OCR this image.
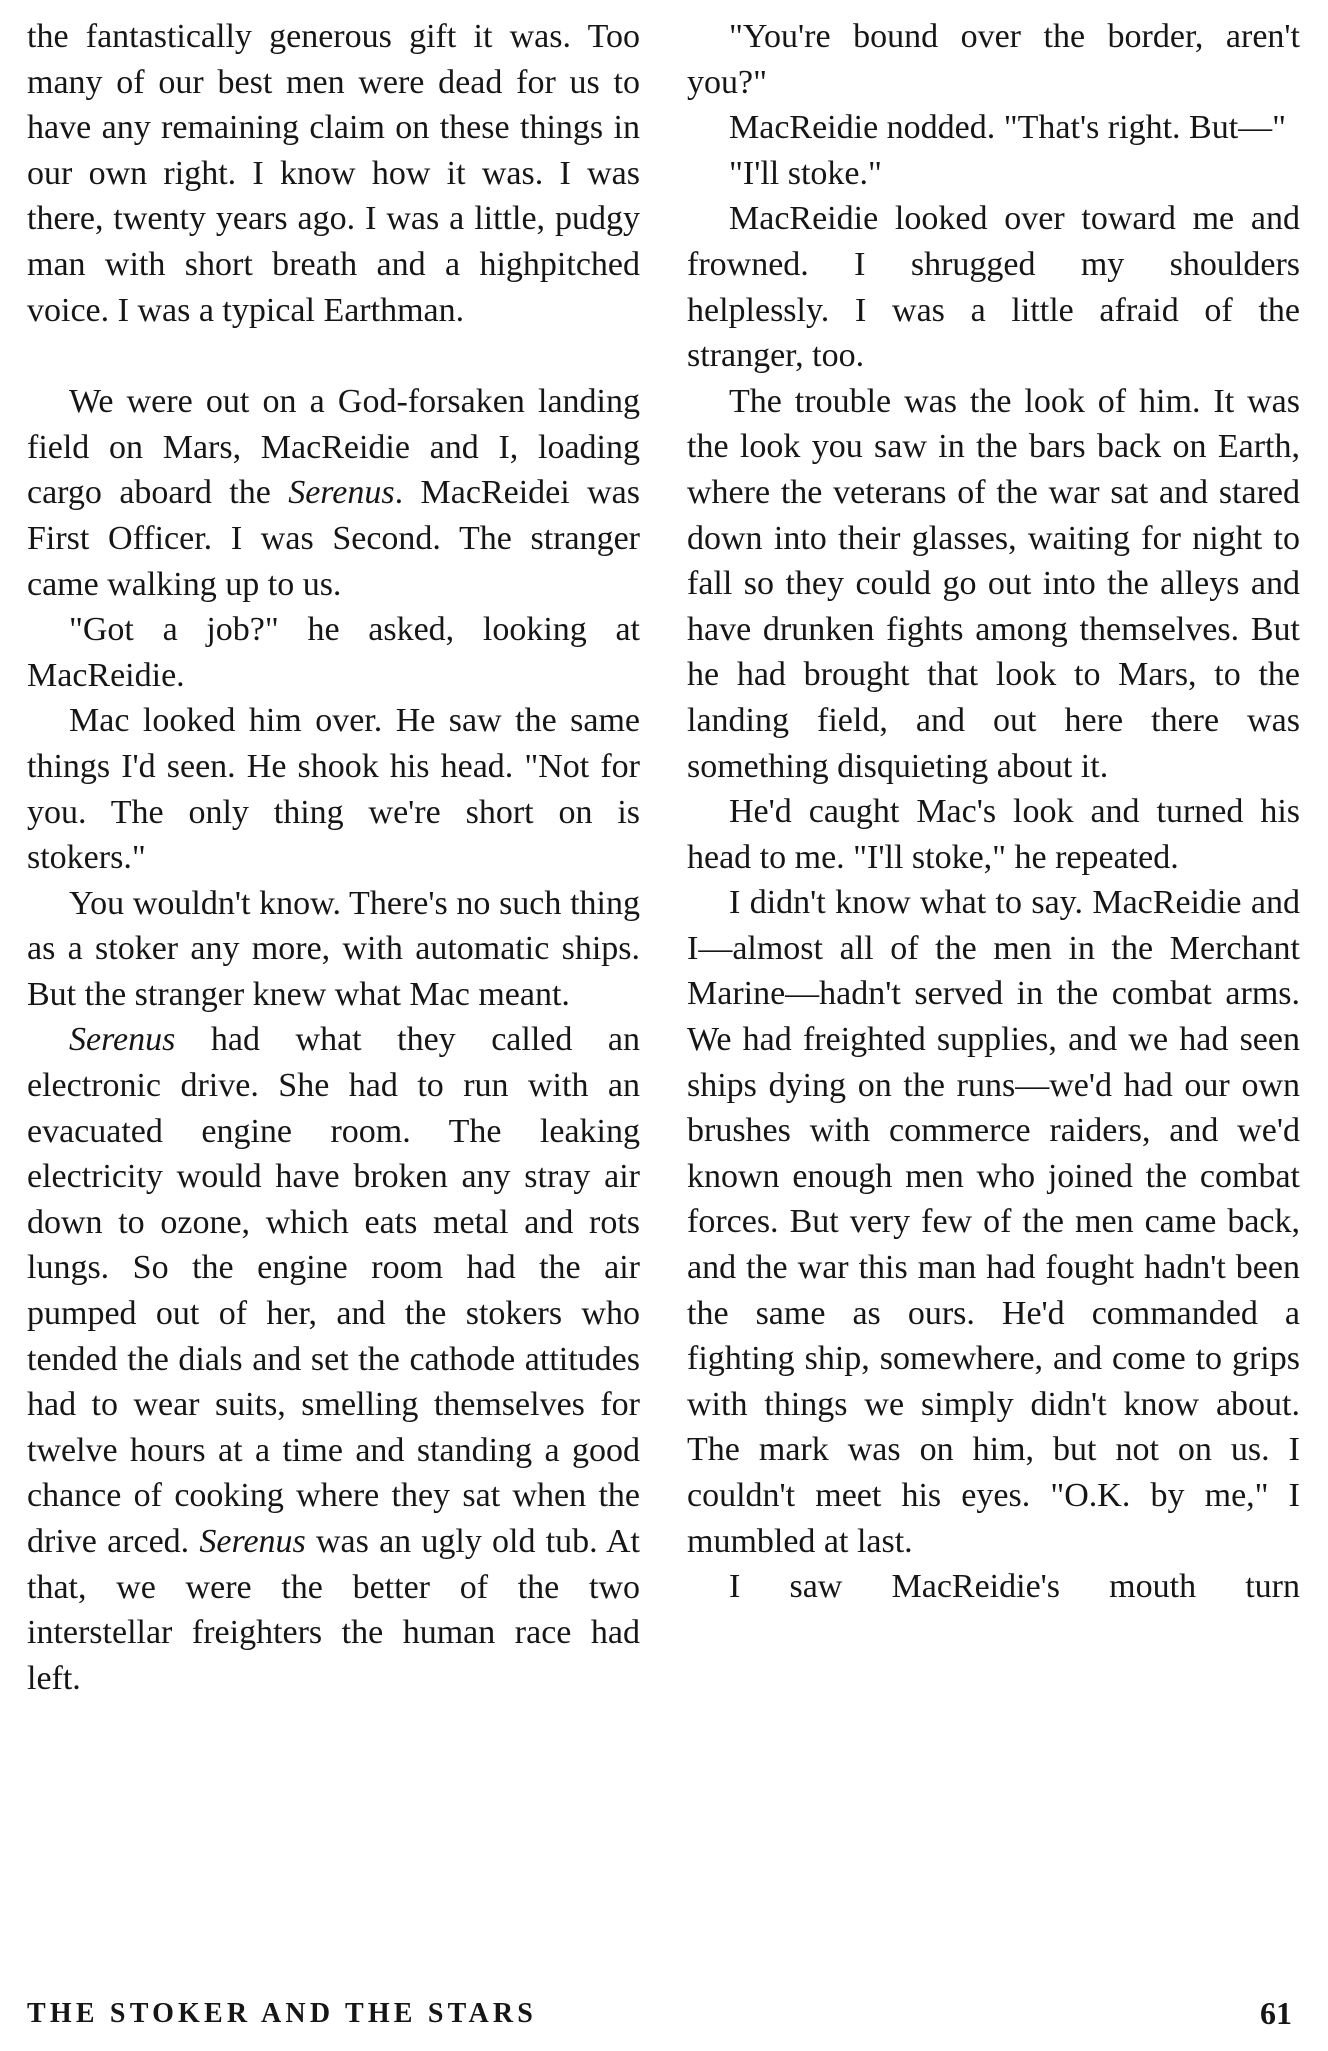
the fantastically generous gift it was. Too many of our best men were dead for us to have any remaining claim on these things in our own right. I know how it was. I was there, twenty years ago. I was a little, pudgy man with short breath and a highpitched voice. I was a typical Earthman.

We were out on a God-forsaken landing field on Mars, MacReidie and I, loading cargo aboard the Serenus. MacReidei was First Officer. I was Second. The stranger came walking up to us.

"Got a job?" he asked, looking at MacReidie.

Mac looked him over. He saw the same things I'd seen. He shook his head. "Not for you. The only thing we're short on is stokers."

You wouldn't know. There's no such thing as a stoker any more, with automatic ships. But the stranger knew what Mac meant.

Serenus had what they called an electronic drive. She had to run with an evacuated engine room. The leaking electricity would have broken any stray air down to ozone, which eats metal and rots lungs. So the engine room had the air pumped out of her, and the stokers who tended the dials and set the cathode attitudes had to wear suits, smelling themselves for twelve hours at a time and standing a good chance of cooking where they sat when the drive arced. Serenus was an ugly old tub. At that, we were the better of the two interstellar freighters the human race had left.

"You're bound over the border, aren't you?"

MacReidie nodded. "That's right. But—"

"I'll stoke."

MacReidie looked over toward me and frowned. I shrugged my shoulders helplessly. I was a little afraid of the stranger, too.

The trouble was the look of him. It was the look you saw in the bars back on Earth, where the veterans of the war sat and stared down into their glasses, waiting for night to fall so they could go out into the alleys and have drunken fights among themselves. But he had brought that look to Mars, to the landing field, and out here there was something disquieting about it.

He'd caught Mac's look and turned his head to me. "I'll stoke," he repeated.

I didn't know what to say. MacReidie and I—almost all of the men in the Merchant Marine—hadn't served in the combat arms. We had freighted supplies, and we had seen ships dying on the runs—we'd had our own brushes with commerce raiders, and we'd known enough men who joined the combat forces. But very few of the men came back, and the war this man had fought hadn't been the same as ours. He'd commanded a fighting ship, somewhere, and come to grips with things we simply didn't know about. The mark was on him, but not on us. I couldn't meet his eyes. "O.K. by me," I mumbled at last.

I saw MacReidie's mouth turn

THE STOKER AND THE STARS	61
